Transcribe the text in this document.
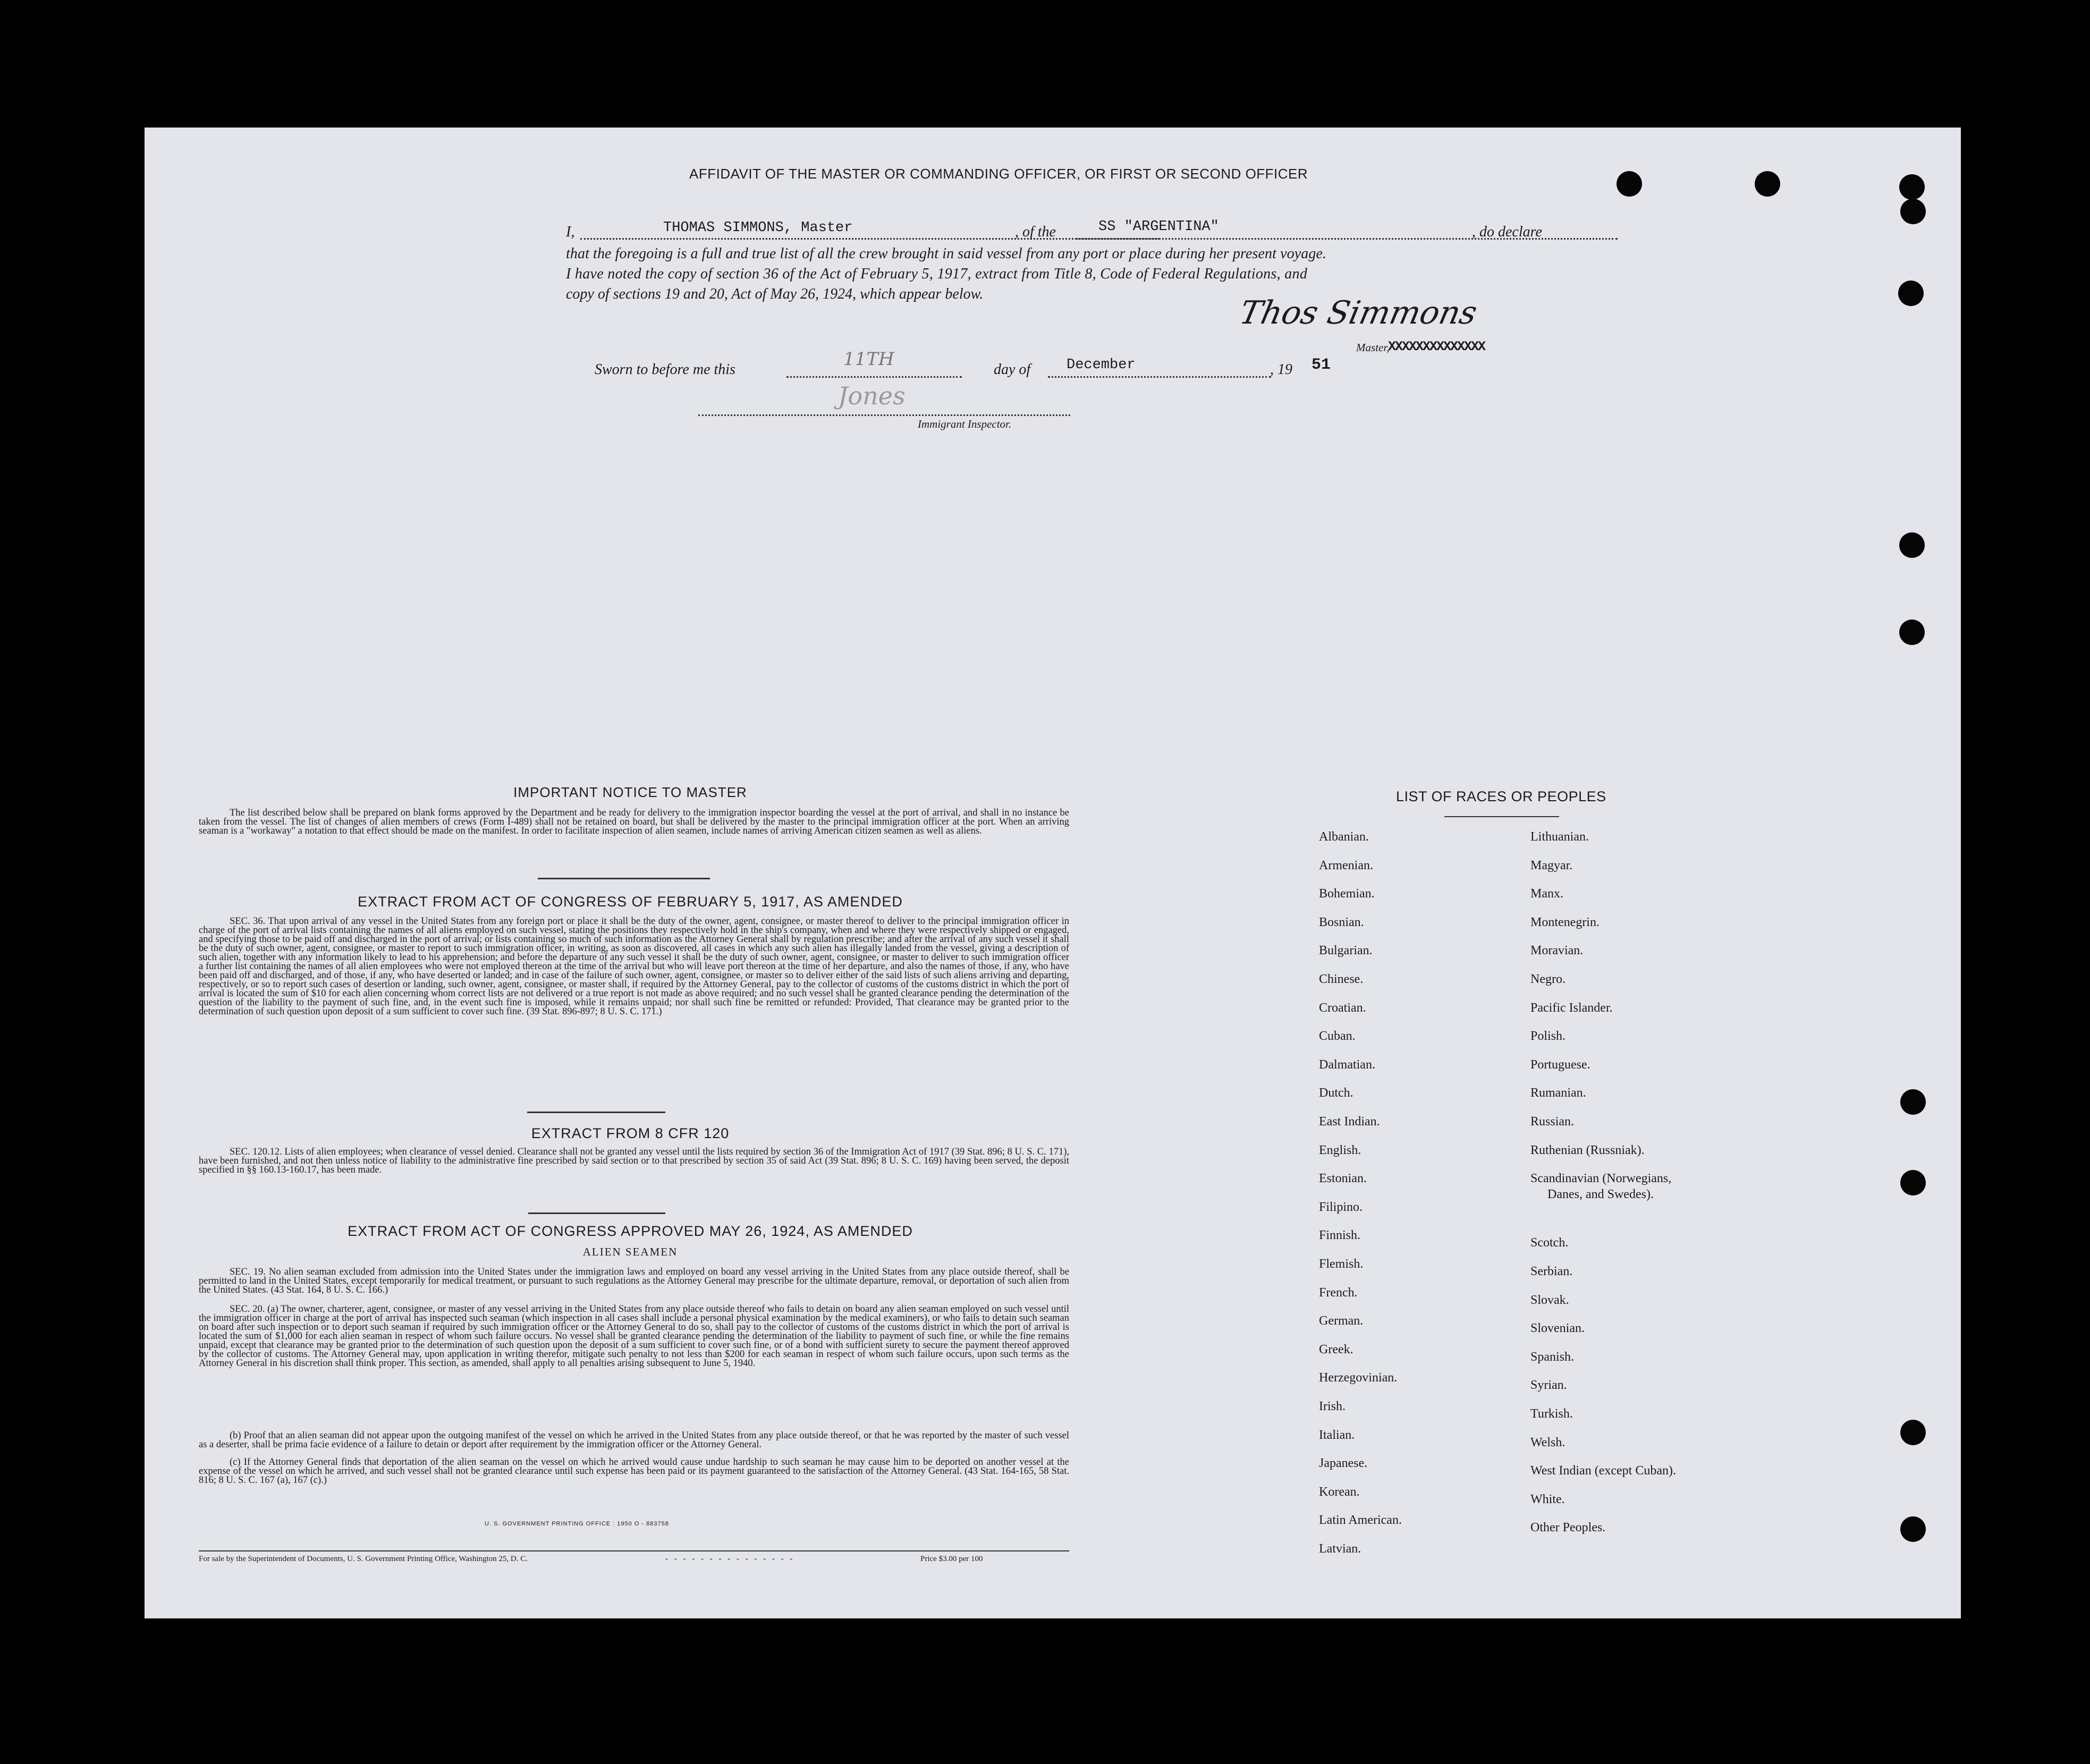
AFFIDAVIT OF THE MASTER OR COMMANDING OFFICER, OR FIRST OR SECOND OFFICER
I,	THOMAS SIMMONS, Master	, of the	SS "ARGENTINA"	, do declare
that the foregoing is a full and true list of all the crew brought in said vessel from any port or place during her present voyage.
I have noted the copy of section 36 of the Act of February 5, 1917, extract from Title 8, Code of Federal Regulations, and
copy of sections 19 and 20, Act of May 26, 1924, which appear below.
Thos Simmons
Master,
XXXXXXXXXXXXXX
Sworn to before me this	11TH	day of	December	, 19 51
Jones
Immigrant Inspector.
IMPORTANT NOTICE TO MASTER
The list described below shall be prepared on blank forms approved by the Department and be ready for delivery to the immigration inspector boarding the vessel at the port of arrival, and shall in no instance be taken from the vessel. The list of changes of alien members of crews (Form I-489) shall not be retained on board, but shall be delivered by the master to the principal immigration officer at the port. When an arriving seaman is a "workaway" a notation to that effect should be made on the manifest. In order to facilitate inspection of alien seamen, include names of arriving American citizen seamen as well as aliens.
EXTRACT FROM ACT OF CONGRESS OF FEBRUARY 5, 1917, AS AMENDED
SEC. 36. That upon arrival of any vessel in the United States from any foreign port or place it shall be the duty of the owner, agent, consignee, or master thereof to deliver to the principal immigration officer in charge of the port of arrival lists containing the names of all aliens employed on such vessel, stating the positions they respectively hold in the ship's company, when and where they were respectively shipped or engaged, and specifying those to be paid off and discharged in the port of arrival; or lists containing so much of such information as the Attorney General shall by regulation prescribe; and after the arrival of any such vessel it shall be the duty of such owner, agent, consignee, or master to report to such immigration officer, in writing, as soon as discovered, all cases in which any such alien has illegally landed from the vessel, giving a description of such alien, together with any information likely to lead to his apprehension; and before the departure of any such vessel it shall be the duty of such owner, agent, consignee, or master to deliver to such immigration officer a further list containing the names of all alien employees who were not employed thereon at the time of the arrival but who will leave port thereon at the time of her departure, and also the names of those, if any, who have been paid off and discharged, and of those, if any, who have deserted or landed; and in case of the failure of such owner, agent, consignee, or master so to deliver either of the said lists of such aliens arriving and departing, respectively, or so to report such cases of desertion or landing, such owner, agent, consignee, or master shall, if required by the Attorney General, pay to the collector of customs of the customs district in which the port of arrival is located the sum of $10 for each alien concerning whom correct lists are not delivered or a true report is not made as above required; and no such vessel shall be granted clearance pending the determination of the question of the liability to the payment of such fine, and, in the event such fine is imposed, while it remains unpaid; nor shall such fine be remitted or refunded: Provided, That clearance may be granted prior to the determination of such question upon deposit of a sum sufficient to cover such fine. (39 Stat. 896-897; 8 U. S. C. 171.)
EXTRACT FROM 8 CFR 120
SEC. 120.12. Lists of alien employees; when clearance of vessel denied. Clearance shall not be granted any vessel until the lists required by section 36 of the Immigration Act of 1917 (39 Stat. 896; 8 U. S. C. 171), have been furnished, and not then unless notice of liability to the administrative fine prescribed by said section or to that prescribed by section 35 of said Act (39 Stat. 896; 8 U. S. C. 169) having been served, the deposit specified in §§ 160.13-160.17, has been made.
EXTRACT FROM ACT OF CONGRESS APPROVED MAY 26, 1924, AS AMENDED
ALIEN SEAMEN
SEC. 19. No alien seaman excluded from admission into the United States under the immigration laws and employed on board any vessel arriving in the United States from any place outside thereof, shall be permitted to land in the United States, except temporarily for medical treatment, or pursuant to such regulations as the Attorney General may prescribe for the ultimate departure, removal, or deportation of such alien from the United States. (43 Stat. 164, 8 U. S. C. 166.)
SEC. 20. (a) The owner, charterer, agent, consignee, or master of any vessel arriving in the United States from any place outside thereof who fails to detain on board any alien seaman employed on such vessel until the immigration officer in charge at the port of arrival has inspected such seaman (which inspection in all cases shall include a personal physical examination by the medical examiners), or who fails to detain such seaman on board after such inspection or to deport such seaman if required by such immigration officer or the Attorney General to do so, shall pay to the collector of customs of the customs district in which the port of arrival is located the sum of $1,000 for each alien seaman in respect of whom such failure occurs. No vessel shall be granted clearance pending the determination of the liability to payment of such fine, or while the fine remains unpaid, except that clearance may be granted prior to the determination of such question upon the deposit of a sum sufficient to cover such fine, or of a bond with sufficient surety to secure the payment thereof approved by the collector of customs. The Attorney General may, upon application in writing therefor, mitigate such penalty to not less than $200 for each seaman in respect of whom such failure occurs, upon such terms as the Attorney General in his discretion shall think proper. This section, as amended, shall apply to all penalties arising subsequent to June 5, 1940.
(b) Proof that an alien seaman did not appear upon the outgoing manifest of the vessel on which he arrived in the United States from any place outside thereof, or that he was reported by the master of such vessel as a deserter, shall be prima facie evidence of a failure to detain or deport after requirement by the immigration officer or the Attorney General.
(c) If the Attorney General finds that deportation of the alien seaman on the vessel on which he arrived would cause undue hardship to such seaman he may cause him to be deported on another vessel at the expense of the vessel on which he arrived, and such vessel shall not be granted clearance until such expense has been paid or its payment guaranteed to the satisfaction of the Attorney General. (43 Stat. 164-165, 58 Stat. 816; 8 U. S. C. 167 (a), 167 (c).)
U. S. GOVERNMENT PRINTING OFFICE : 1950 O - 883758
For sale by the Superintendent of Documents, U. S. Government Printing Office, Washington 25, D. C.	- - - - - - - - - - - - - - -	Price $3.00 per 100
LIST OF RACES OR PEOPLES
Albanian.
Armenian.
Bohemian.
Bosnian.
Bulgarian.
Chinese.
Croatian.
Cuban.
Dalmatian.
Dutch.
East Indian.
English.
Estonian.
Filipino.
Finnish.
Flemish.
French.
German.
Greek.
Herzegovinian.
Irish.
Italian.
Japanese.
Korean.
Latin American.
Latvian.
Lithuanian.
Magyar.
Manx.
Montenegrin.
Moravian.
Negro.
Pacific Islander.
Polish.
Portuguese.
Rumanian.
Russian.
Ruthenian (Russniak).
Scandinavian (Norwegians,
Danes, and Swedes).
Scotch.
Serbian.
Slovak.
Slovenian.
Spanish.
Syrian.
Turkish.
Welsh.
West Indian (except Cuban).
White.
Other Peoples.
